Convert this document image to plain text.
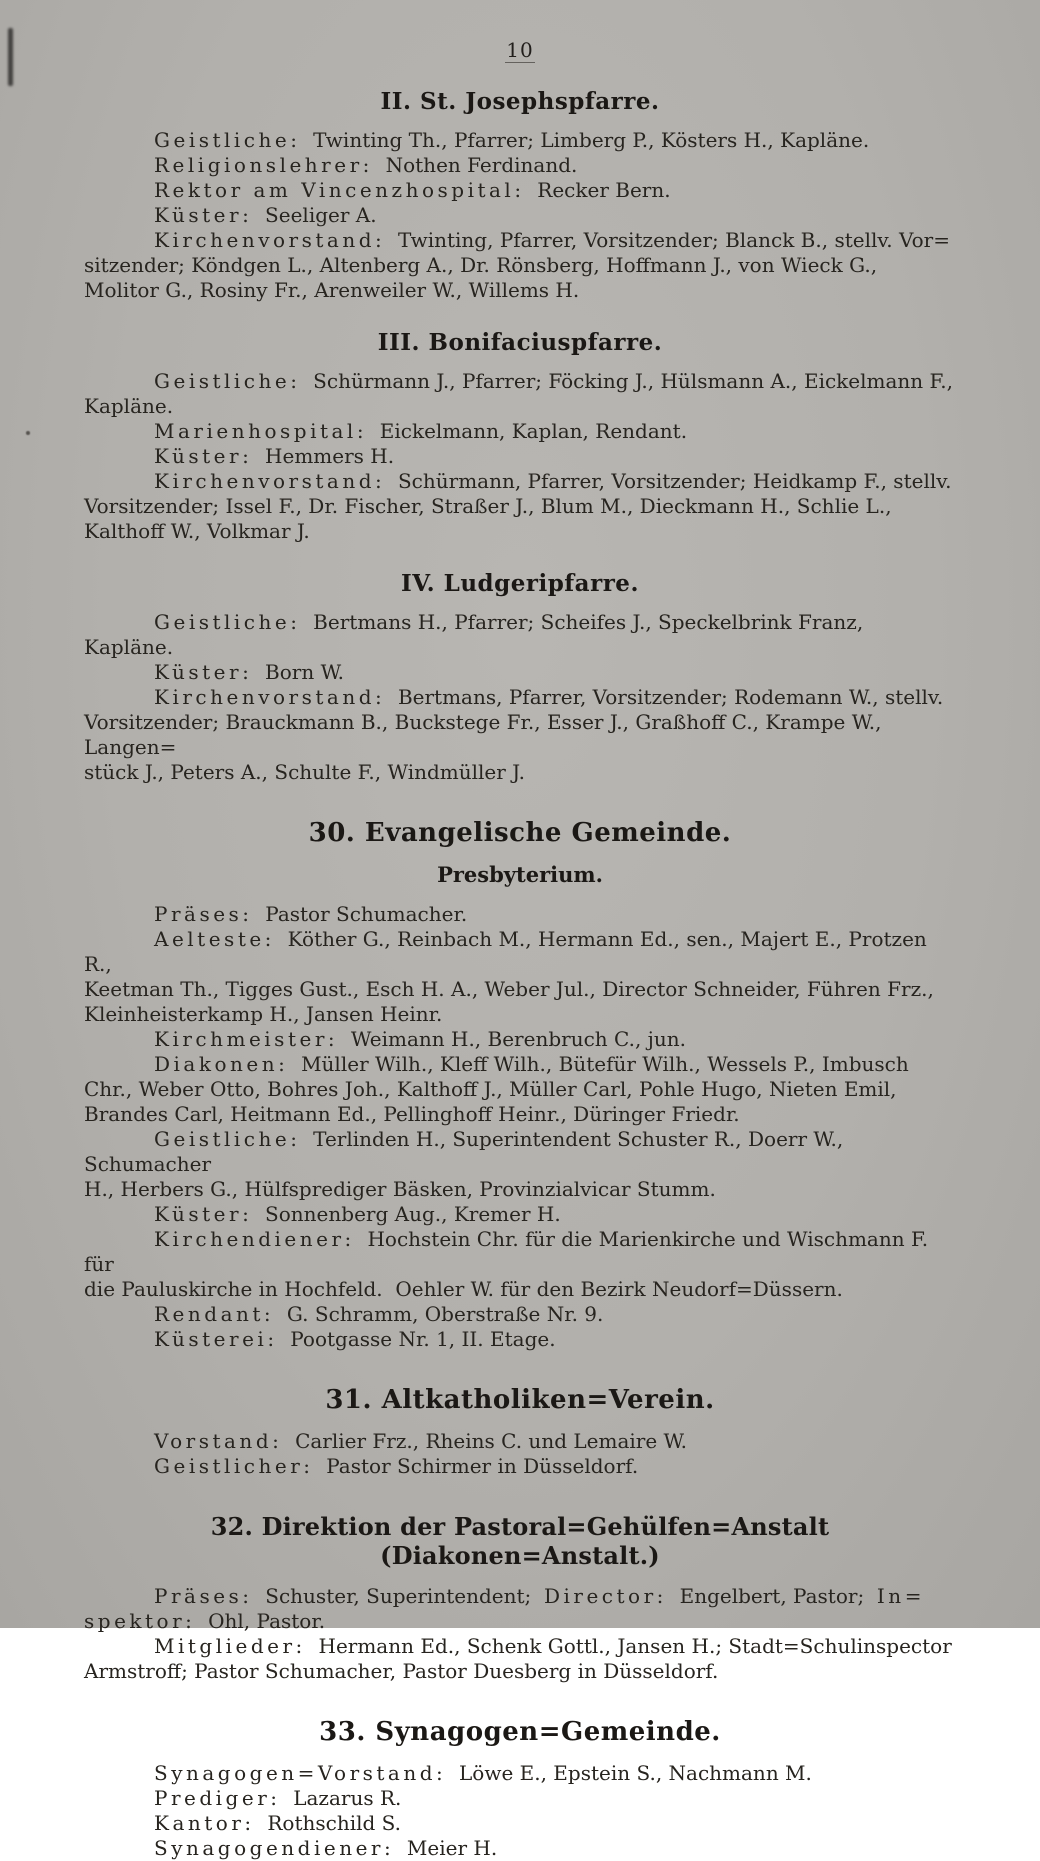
10
II. St. Josephspfarre.
Geistliche:  Twinting Th., Pfarrer; Limberg P., Kösters H., Kapläne.
Religionslehrer:  Nothen Ferdinand.
Rektor am Vincenzhospital:  Recker Bern.
Küster:  Seeliger A.
Kirchenvorstand:  Twinting, Pfarrer, Vorsitzender; Blanck B., stellv. Vor=
sitzender; Köndgen L., Altenberg A., Dr. Rönsberg, Hoffmann J., von Wieck G.,
Molitor G., Rosiny Fr., Arenweiler W., Willems H.
III. Bonifaciuspfarre.
Geistliche:  Schürmann J., Pfarrer; Föcking J., Hülsmann A., Eickelmann F.,
Kapläne.
Marienhospital:  Eickelmann, Kaplan, Rendant.
Küster:  Hemmers H.
Kirchenvorstand:  Schürmann, Pfarrer, Vorsitzender; Heidkamp F., stellv.
Vorsitzender; Issel F., Dr. Fischer, Straßer J., Blum M., Dieckmann H., Schlie L.,
Kalthoff W., Volkmar J.
IV. Ludgeripfarre.
Geistliche:  Bertmans H., Pfarrer; Scheifes J., Speckelbrink Franz, Kapläne.
Küster:  Born W.
Kirchenvorstand:  Bertmans, Pfarrer, Vorsitzender; Rodemann W., stellv.
Vorsitzender; Brauckmann B., Buckstege Fr., Esser J., Graßhoff C., Krampe W., Langen=
stück J., Peters A., Schulte F., Windmüller J.
30. Evangelische Gemeinde.
Presbyterium.
Präses:  Pastor Schumacher.
Aelteste:  Köther G., Reinbach M., Hermann Ed., sen., Majert E., Protzen R.,
Keetman Th., Tigges Gust., Esch H. A., Weber Jul., Director Schneider, Führen Frz.,
Kleinheisterkamp H., Jansen Heinr.
Kirchmeister:  Weimann H., Berenbruch C., jun.
Diakonen:  Müller Wilh., Kleff Wilh., Bütefür Wilh., Wessels P., Imbusch
Chr., Weber Otto, Bohres Joh., Kalthoff J., Müller Carl, Pohle Hugo, Nieten Emil,
Brandes Carl, Heitmann Ed., Pellinghoff Heinr., Düringer Friedr.
Geistliche:  Terlinden H., Superintendent Schuster R., Doerr W., Schumacher
H., Herbers G., Hülfsprediger Bäsken, Provinzialvicar Stumm.
Küster:  Sonnenberg Aug., Kremer H.
Kirchendiener:  Hochstein Chr. für die Marienkirche und Wischmann F. für
die Pauluskirche in Hochfeld.  Oehler W. für den Bezirk Neudorf=Düssern.
Rendant:  G. Schramm, Oberstraße Nr. 9.
Küsterei:  Pootgasse Nr. 1, II. Etage.
31. Altkatholiken=Verein.
Vorstand:  Carlier Frz., Rheins C. und Lemaire W.
Geistlicher:  Pastor Schirmer in Düsseldorf.
32. Direktion der Pastoral=Gehülfen=Anstalt (Diakonen=Anstalt.)
Präses:  Schuster, Superintendent;  Director:  Engelbert, Pastor;  In=
spektor:  Ohl, Pastor.
Mitglieder:  Hermann Ed., Schenk Gottl., Jansen H.; Stadt=Schulinspector
Armstroff; Pastor Schumacher, Pastor Duesberg in Düsseldorf.
33. Synagogen=Gemeinde.
Synagogen=Vorstand:  Löwe E., Epstein S., Nachmann M.
Prediger:  Lazarus R.
Kantor:  Rothschild S.
Synagogendiener:  Meier H.
